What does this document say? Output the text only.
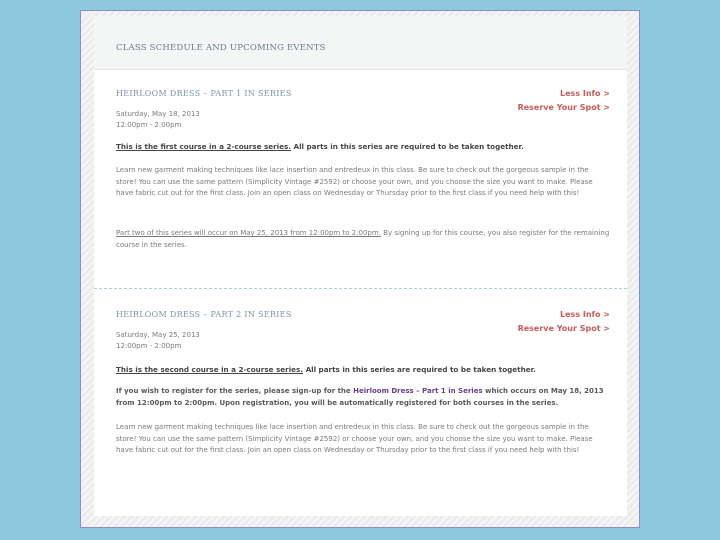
CLASS SCHEDULE AND UPCOMING EVENTS
HEIRLOOM DRESS – PART 1 IN SERIES	Less Info >
Reserve Your Spot >
Saturday, May 18, 2013
12:00pm - 2:00pm
This is the first course in a 2-course series. All parts in this series are required to be taken together.

Learn new garment making techniques like lace insertion and entredeux in this class. Be sure to check out the gorgeous sample in the store! You can use the same pattern (Simplicity Vintage #2592) or choose your own, and you choose the size you want to make. Please have fabric cut out for the first class. Join an open class on Wednesday or Thursday prior to the first class if you need help with this!

Part two of this series will occur on May 25, 2013 from 12:00pm to 2:00pm. By signing up for this course, you also register for the remaining course in the series.

HEIRLOOM DRESS – PART 2 IN SERIES	Less Info >
Reserve Your Spot >
Saturday, May 25, 2013
12:00pm - 2:00pm
This is the second course in a 2-course series. All parts in this series are required to be taken together.

If you wish to register for the series, please sign-up for the Heirloom Dress – Part 1 in Series which occurs on May 18, 2013 from 12:00pm to 2:00pm. Upon registration, you will be automatically registered for both courses in the series.

Learn new garment making techniques like lace insertion and entredeux in this class. Be sure to check out the gorgeous sample in the store! You can use the same pattern (Simplicity Vintage #2592) or choose your own, and you choose the size you want to make. Please have fabric cut out for the first class. Join an open class on Wednesday or Thursday prior to the first class if you need help with this!
